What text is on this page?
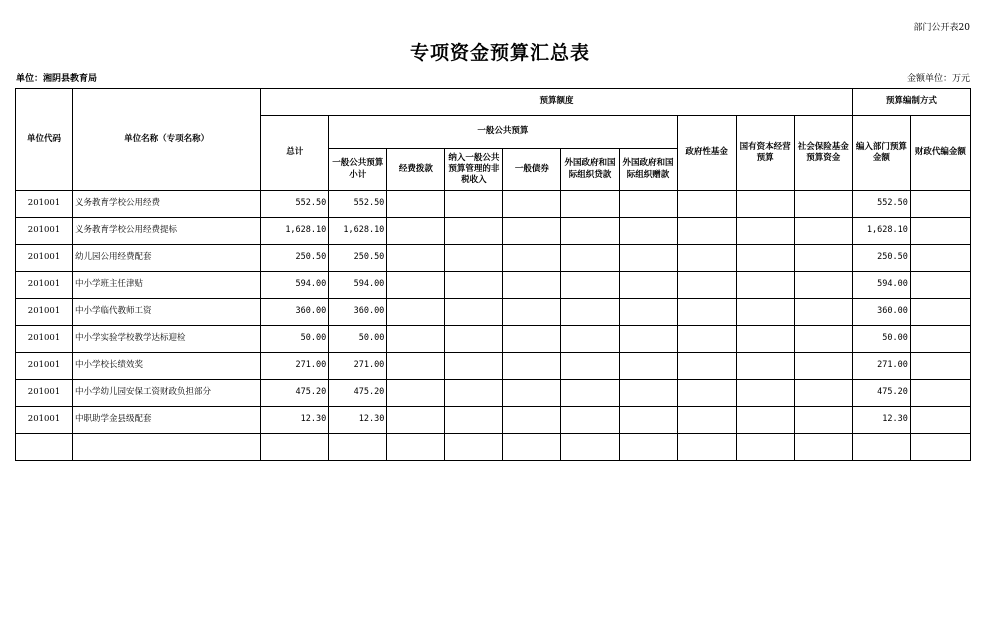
部门公开表20
专项资金预算汇总表
单位：湘阴县教育局	金额单位：万元
单位代码	单位名称（专项名称）	预算额度										预算编制方式	
		总计	一般公共预算						政府性基金	国有资本经营预算	社会保险基金预算资金	编入部门预算金额	财政代编金额
			一般公共预算小计	经费拨款	纳入一般公共预算管理的非税收入	一般债券	外国政府和国际组织贷款	外国政府和国际组织赠款					
201001	义务教育学校公用经费	552.50	552.50									552.50	
201001	义务教育学校公用经费提标	1,628.10	1,628.10									1,628.10	
201001	幼儿园公用经费配套	250.50	250.50									250.50	
201001	中小学班主任津贴	594.00	594.00									594.00	
201001	中小学临代教师工资	360.00	360.00									360.00	
201001	中小学实验学校教学达标迎检	50.00	50.00									50.00	
201001	中小学校长绩效奖	271.00	271.00									271.00	
201001	中小学幼儿园安保工资财政负担部分	475.20	475.20									475.20	
201001	中职助学金县级配套	12.30	12.30									12.30	
